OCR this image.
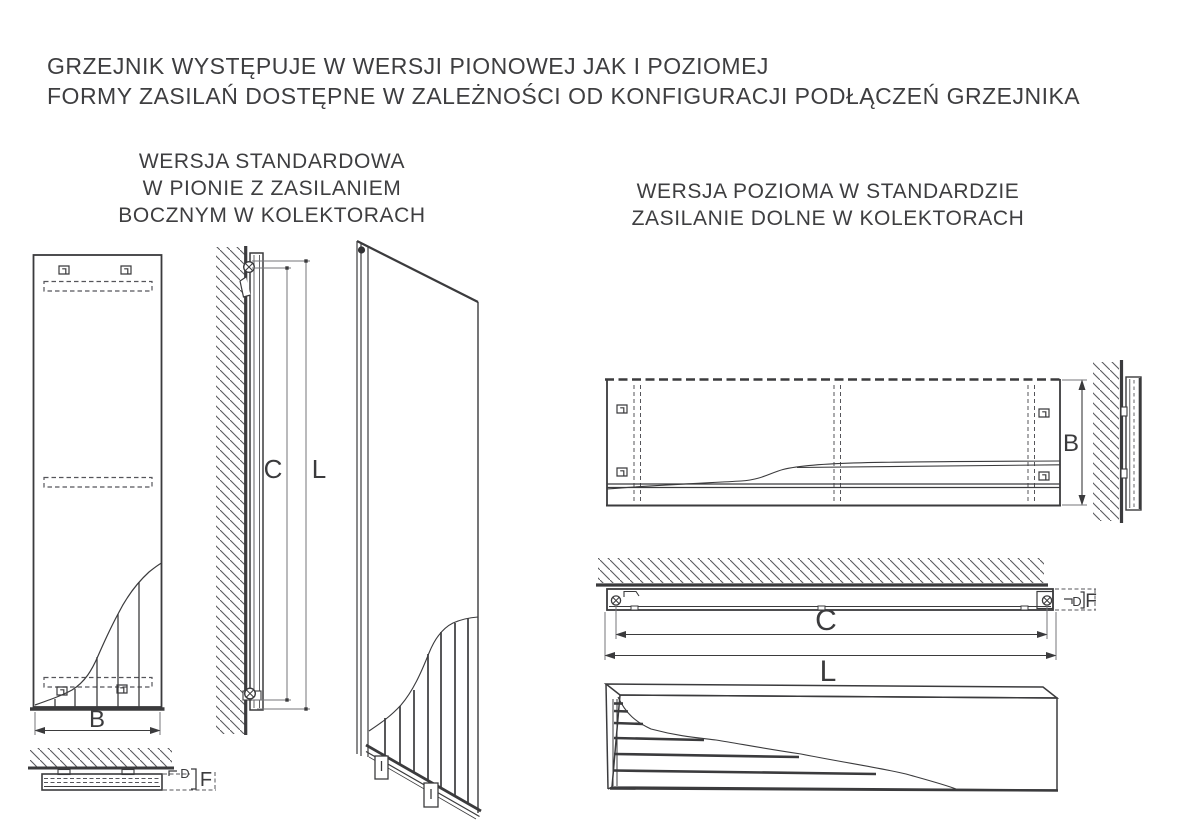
GRZEJNIK WYSTĘPUJE W WERSJI PIONOWEJ JAK I POZIOMEJ
FORMY ZASILAŃ DOSTĘPNE W ZALEŻNOŚCI OD KONFIGURACJI PODŁĄCZEŃ GRZEJNIKA
WERSJA STANDARDOWA
W PIONIE Z ZASILANIEM
BOCZNYM W KOLEKTORACH
WERSJA POZIOMA W STANDARDZIE
ZASILANIE DOLNE W KOLEKTORACH
B
C L
D F
B
C
L
D F
